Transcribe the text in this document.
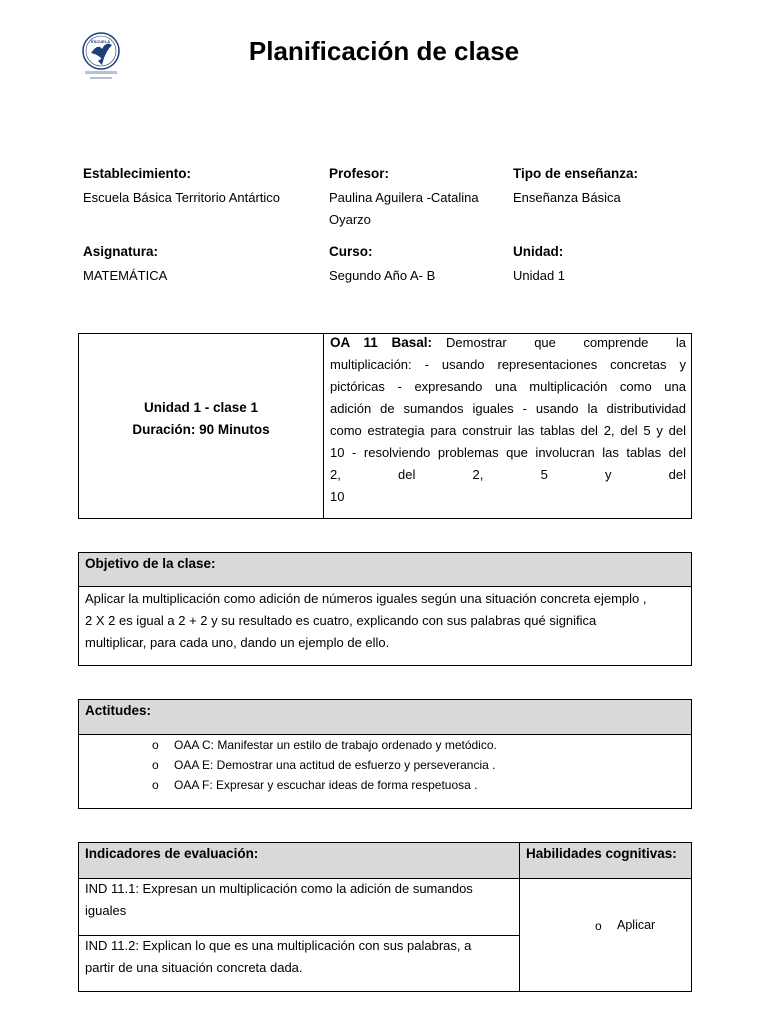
ESCUELA	Planificación de clase
Establecimiento:
Escuela Básica Territorio Antártico
Profesor:
Paulina Aguilera -Catalina
Oyarzo
Tipo de enseñanza:
Enseñanza Básica
Asignatura:
MATEMÁTICA
Curso:
Segundo Año A- B
Unidad:
Unidad 1
Unidad 1 - clase 1
Duración: 90 Minutos
OA 11 Basal: Demostrar que comprende la
multiplicación: - usando representaciones concretas y
pictóricas - expresando una multiplicación como una
adición de sumandos iguales - usando la distributividad
como estrategia para construir las tablas del 2, del 5 y del
10 - resolviendo problemas que involucran las tablas del
2, del 2, 5 y del 10
Objetivo de la clase:
Aplicar la multiplicación como adición de números iguales según una situación concreta ejemplo ,
2 X 2 es igual a 2 + 2 y su resultado es cuatro, explicando con sus palabras qué significa
multiplicar, para cada uno, dando un ejemplo de ello.
Actitudes:
o OAA C: Manifestar un estilo de trabajo ordenado y metódico.
o OAA E: Demostrar una actitud de esfuerzo y perseverancia .
o OAA F: Expresar y escuchar ideas de forma respetuosa .
Indicadores de evaluación:	Habilidades cognitivas:
IND 11.1: Expresan un multiplicación como la adición de sumandos
iguales
IND 11.2: Explican lo que es una multiplicación con sus palabras, a
partir de una situación concreta dada.
o Aplicar
